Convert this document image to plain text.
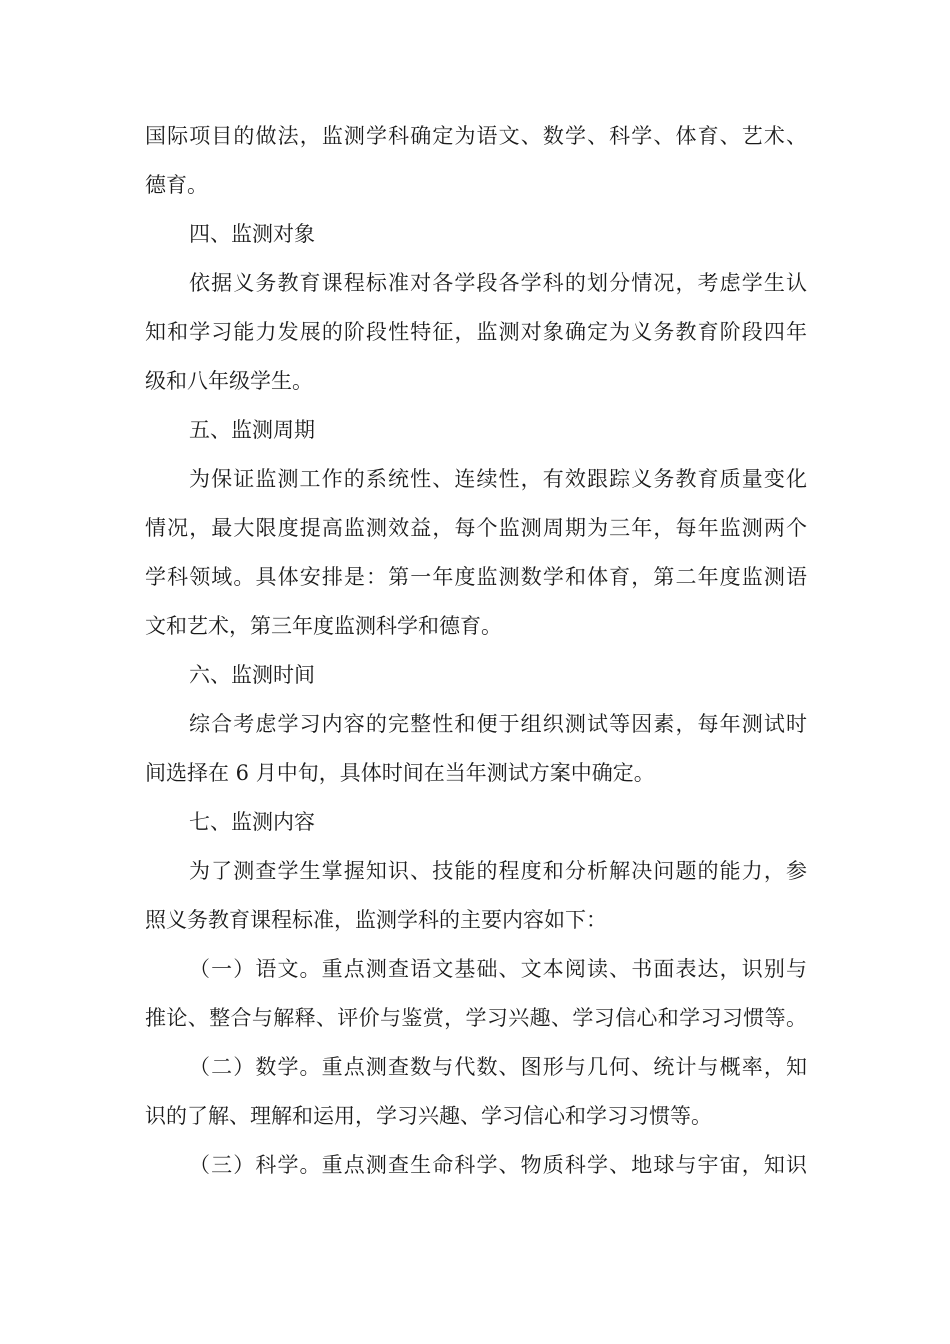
国际项目的做法，监测学科确定为语文、数学、科学、体育、艺术、
德育。
四、监测对象
依据义务教育课程标准对各学段各学科的划分情况，考虑学生认
知和学习能力发展的阶段性特征，监测对象确定为义务教育阶段四年
级和八年级学生。
五、监测周期
为保证监测工作的系统性、连续性，有效跟踪义务教育质量变化
情况，最大限度提高监测效益，每个监测周期为三年，每年监测两个
学科领域。具体安排是：第一年度监测数学和体育，第二年度监测语
文和艺术，第三年度监测科学和德育。
六、监测时间
综合考虑学习内容的完整性和便于组织测试等因素，每年测试时
间选择在 6 月中旬，具体时间在当年测试方案中确定。
七、监测内容
为了测查学生掌握知识、技能的程度和分析解决问题的能力，参
照义务教育课程标准，监测学科的主要内容如下：
（一）语文。重点测查语文基础、文本阅读、书面表达，识别与
推论、整合与解释、评价与鉴赏，学习兴趣、学习信心和学习习惯等。
（二）数学。重点测查数与代数、图形与几何、统计与概率，知
识的了解、理解和运用，学习兴趣、学习信心和学习习惯等。
（三）科学。重点测查生命科学、物质科学、地球与宇宙，知识
